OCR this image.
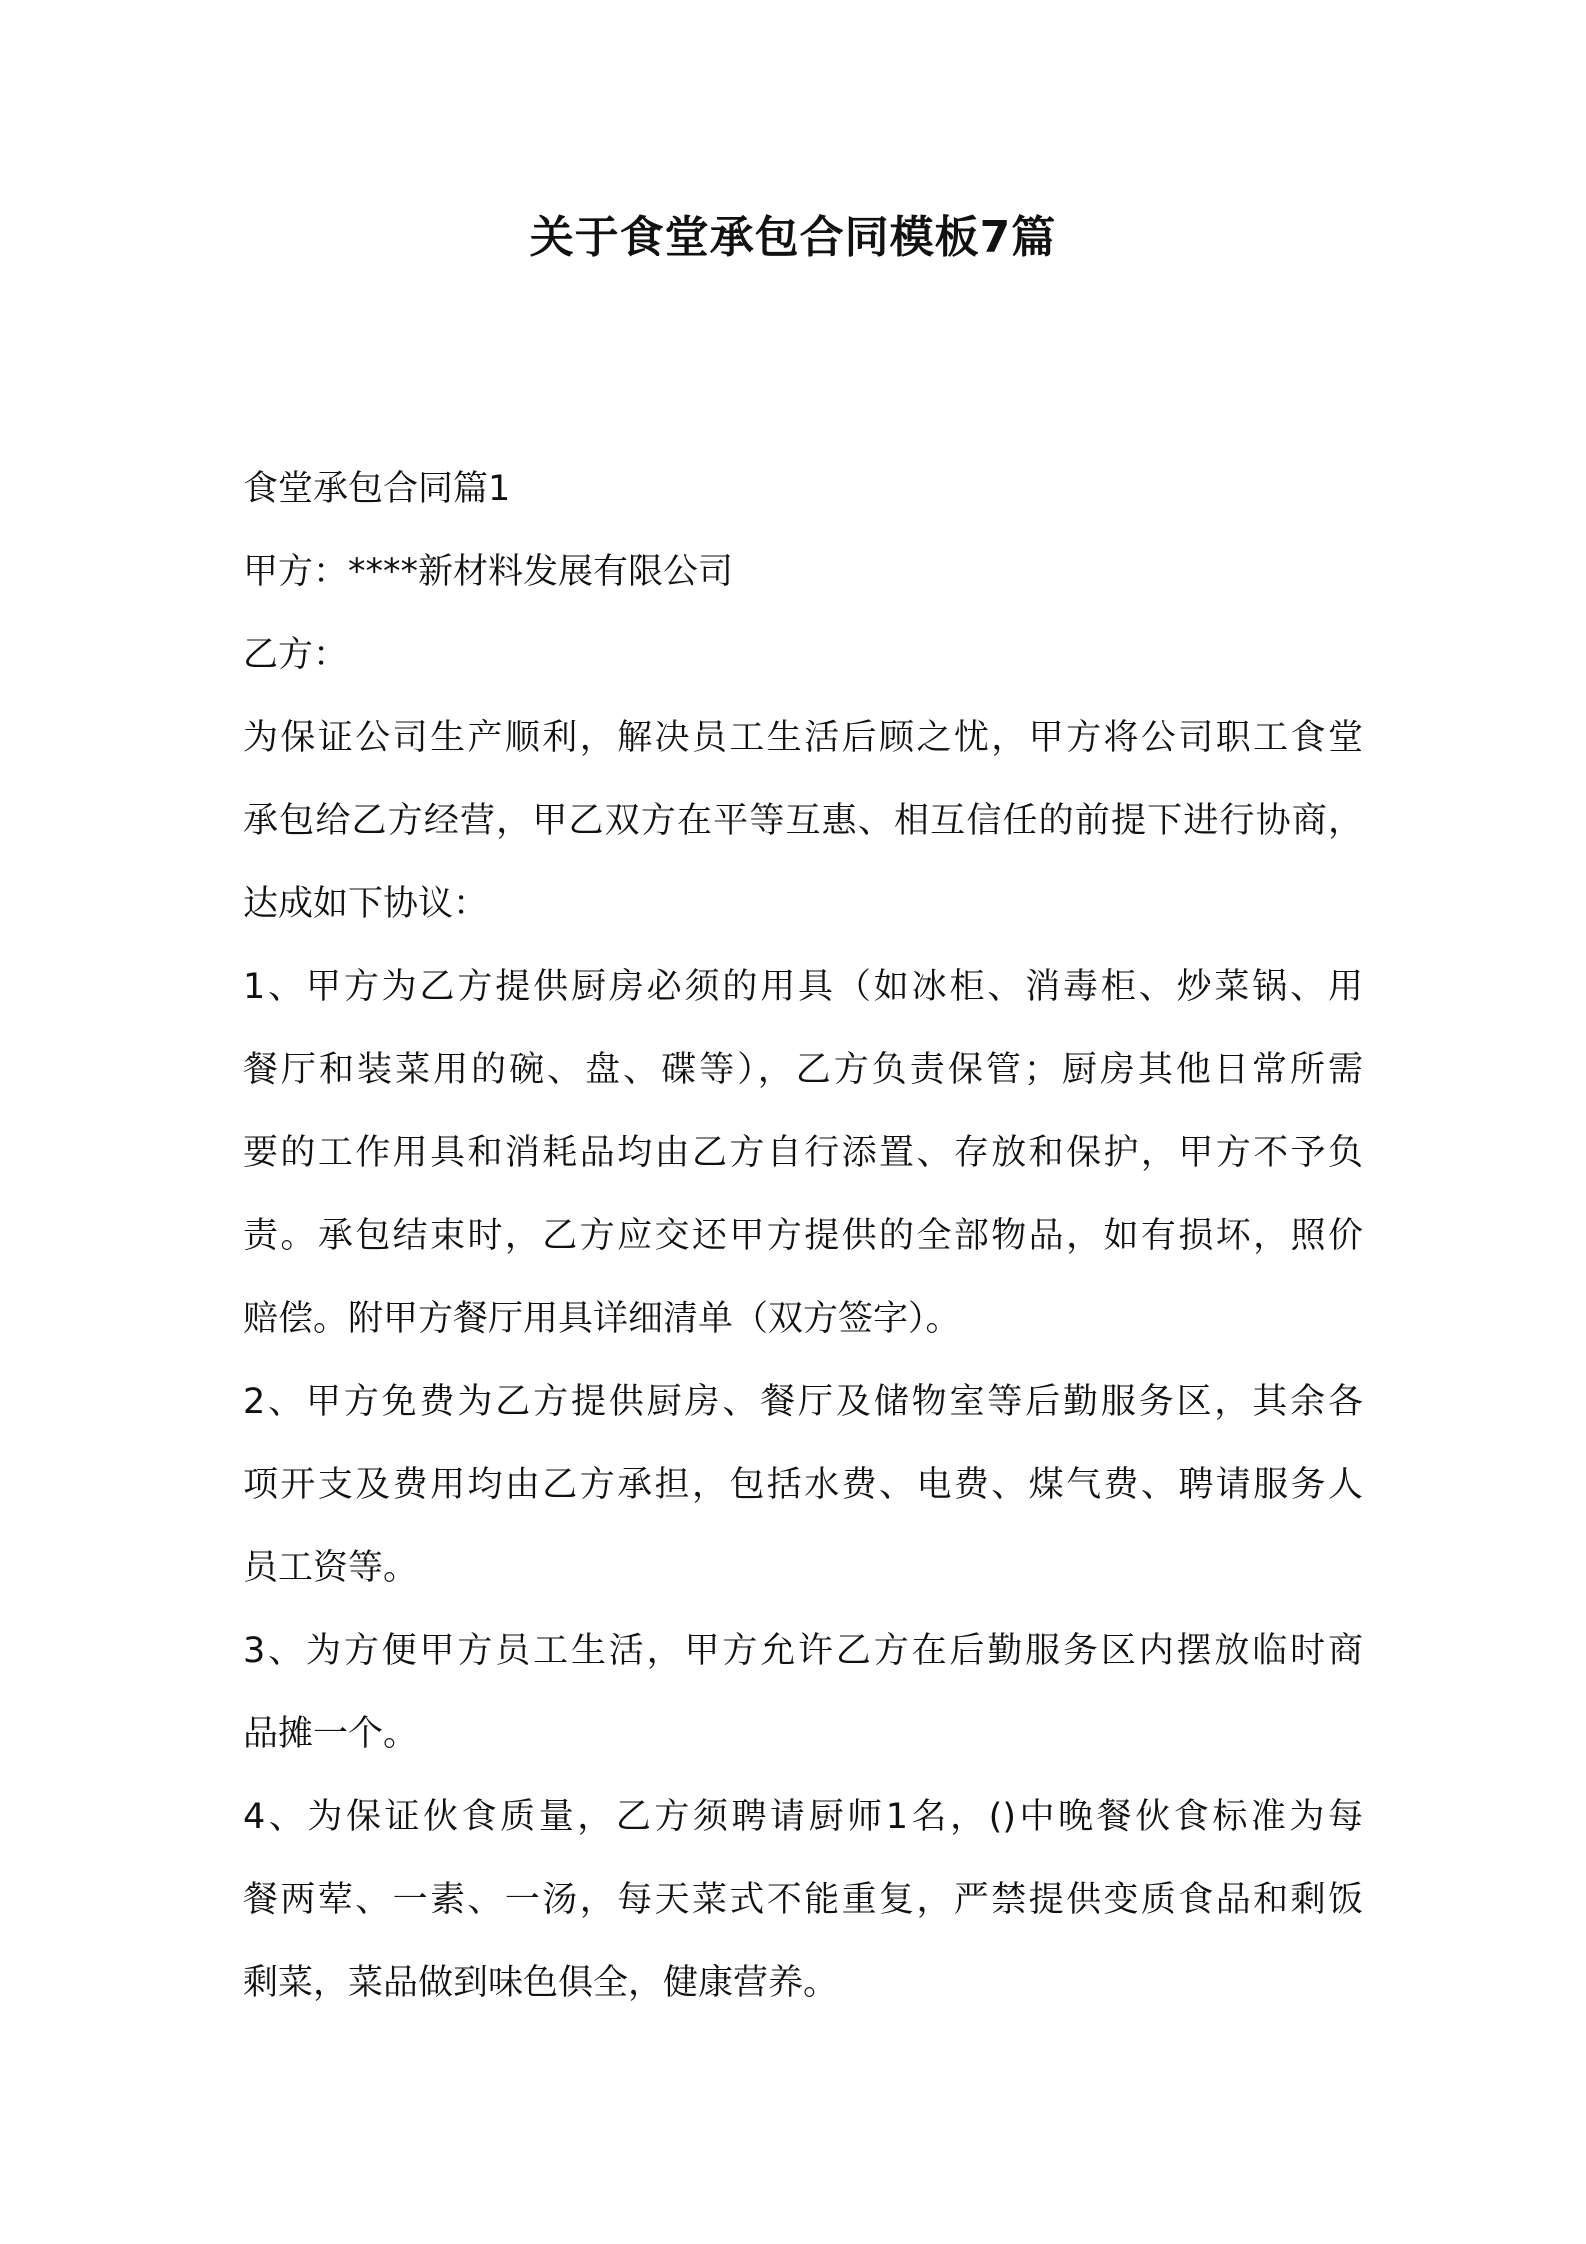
关于食堂承包合同模板7篇
食堂承包合同篇1
甲方：****新材料发展有限公司
乙方：
为保证公司生产顺利，解决员工生活后顾之忧，甲方将公司职工食堂
承包给乙方经营，甲乙双方在平等互惠、相互信任的前提下进行协商，
达成如下协议：
1、甲方为乙方提供厨房必须的用具（如冰柜、消毒柜、炒菜锅、用
餐厅和装菜用的碗、盘、碟等），乙方负责保管；厨房其他日常所需
要的工作用具和消耗品均由乙方自行添置、存放和保护，甲方不予负
责。承包结束时，乙方应交还甲方提供的全部物品，如有损坏，照价
赔偿。附甲方餐厅用具详细清单（双方签字）。
2、甲方免费为乙方提供厨房、餐厅及储物室等后勤服务区，其余各
项开支及费用均由乙方承担，包括水费、电费、煤气费、聘请服务人
员工资等。
3、为方便甲方员工生活，甲方允许乙方在后勤服务区内摆放临时商
品摊一个。
4、为保证伙食质量，乙方须聘请厨师1名，()中晚餐伙食标准为每
餐两荤、一素、一汤，每天菜式不能重复，严禁提供变质食品和剩饭
剩菜，菜品做到味色俱全，健康营养。
